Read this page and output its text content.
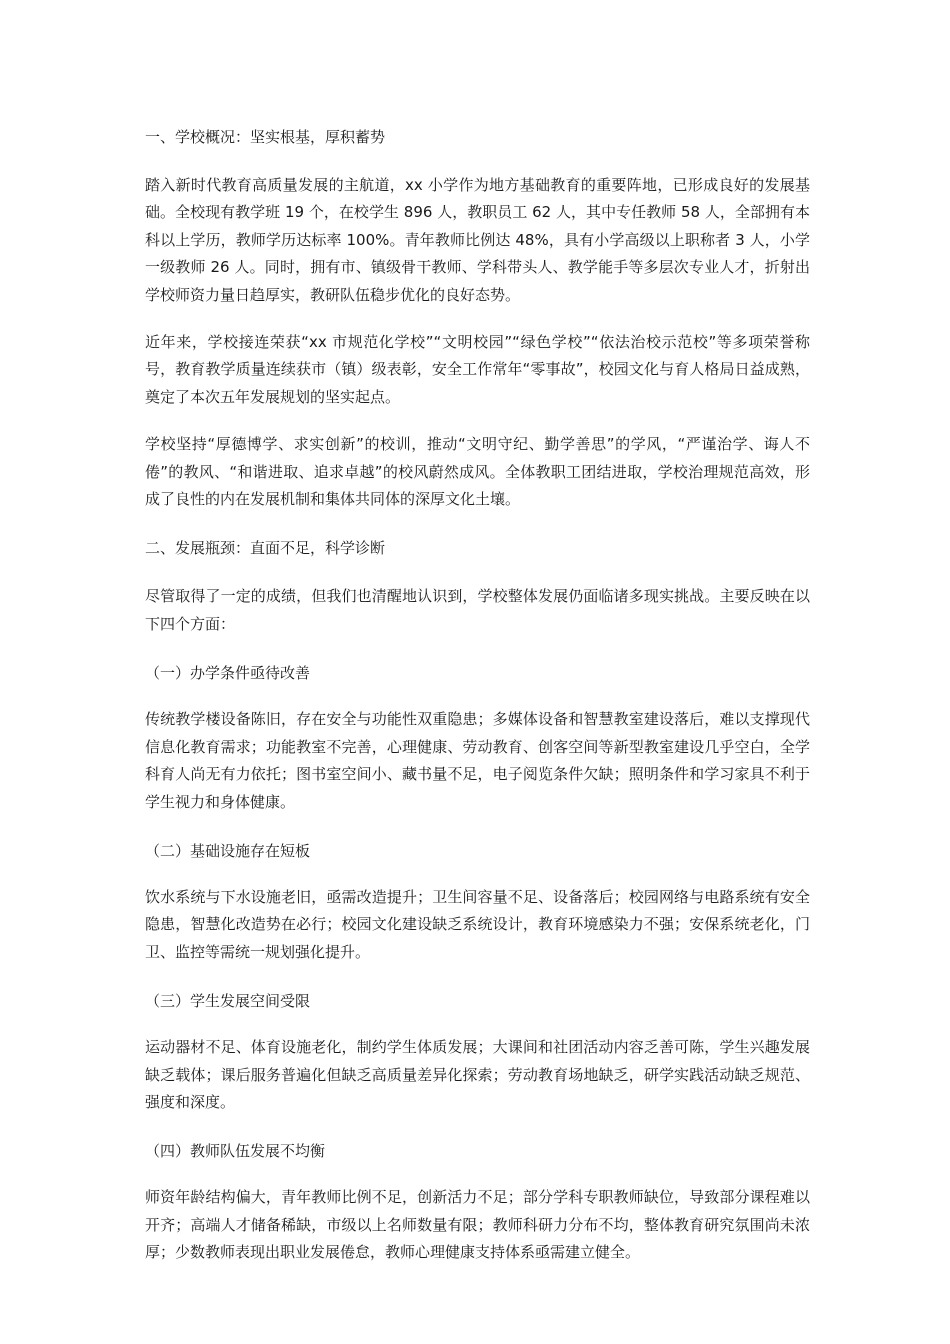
一、学校概况：坚实根基，厚积蓄势

踏入新时代教育高质量发展的主航道，xx 小学作为地方基础教育的重要阵地，已形成良好的发展基础。全校现有教学班 19 个，在校学生 896 人，教职员工 62 人，其中专任教师 58 人，全部拥有本科以上学历，教师学历达标率 100%。青年教师比例达 48%，具有小学高级以上职称者 3 人，小学一级教师 26 人。同时，拥有市、镇级骨干教师、学科带头人、教学能手等多层次专业人才，折射出学校师资力量日趋厚实，教研队伍稳步优化的良好态势。

近年来，学校接连荣获“xx 市规范化学校”“文明校园”“绿色学校”“依法治校示范校”等多项荣誉称号，教育教学质量连续获市（镇）级表彰，安全工作常年“零事故”，校园文化与育人格局日益成熟，奠定了本次五年发展规划的坚实起点。

学校坚持“厚德博学、求实创新”的校训，推动“文明守纪、勤学善思”的学风，“严谨治学、诲人不倦”的教风、“和谐进取、追求卓越”的校风蔚然成风。全体教职工团结进取，学校治理规范高效，形成了良性的内在发展机制和集体共同体的深厚文化土壤。

二、发展瓶颈：直面不足，科学诊断

尽管取得了一定的成绩，但我们也清醒地认识到，学校整体发展仍面临诸多现实挑战。主要反映在以下四个方面：

（一）办学条件亟待改善

传统教学楼设备陈旧，存在安全与功能性双重隐患；多媒体设备和智慧教室建设落后，难以支撑现代信息化教育需求；功能教室不完善，心理健康、劳动教育、创客空间等新型教室建设几乎空白，全学科育人尚无有力依托；图书室空间小、藏书量不足，电子阅览条件欠缺；照明条件和学习家具不利于学生视力和身体健康。

（二）基础设施存在短板

饮水系统与下水设施老旧，亟需改造提升；卫生间容量不足、设备落后；校园网络与电路系统有安全隐患，智慧化改造势在必行；校园文化建设缺乏系统设计，教育环境感染力不强；安保系统老化，门卫、监控等需统一规划强化提升。

（三）学生发展空间受限

运动器材不足、体育设施老化，制约学生体质发展；大课间和社团活动内容乏善可陈，学生兴趣发展缺乏载体；课后服务普遍化但缺乏高质量差异化探索；劳动教育场地缺乏，研学实践活动缺乏规范、强度和深度。

（四）教师队伍发展不均衡

师资年龄结构偏大，青年教师比例不足，创新活力不足；部分学科专职教师缺位，导致部分课程难以开齐；高端人才储备稀缺，市级以上名师数量有限；教师科研力分布不均，整体教育研究氛围尚未浓厚；少数教师表现出职业发展倦怠，教师心理健康支持体系亟需建立健全。
